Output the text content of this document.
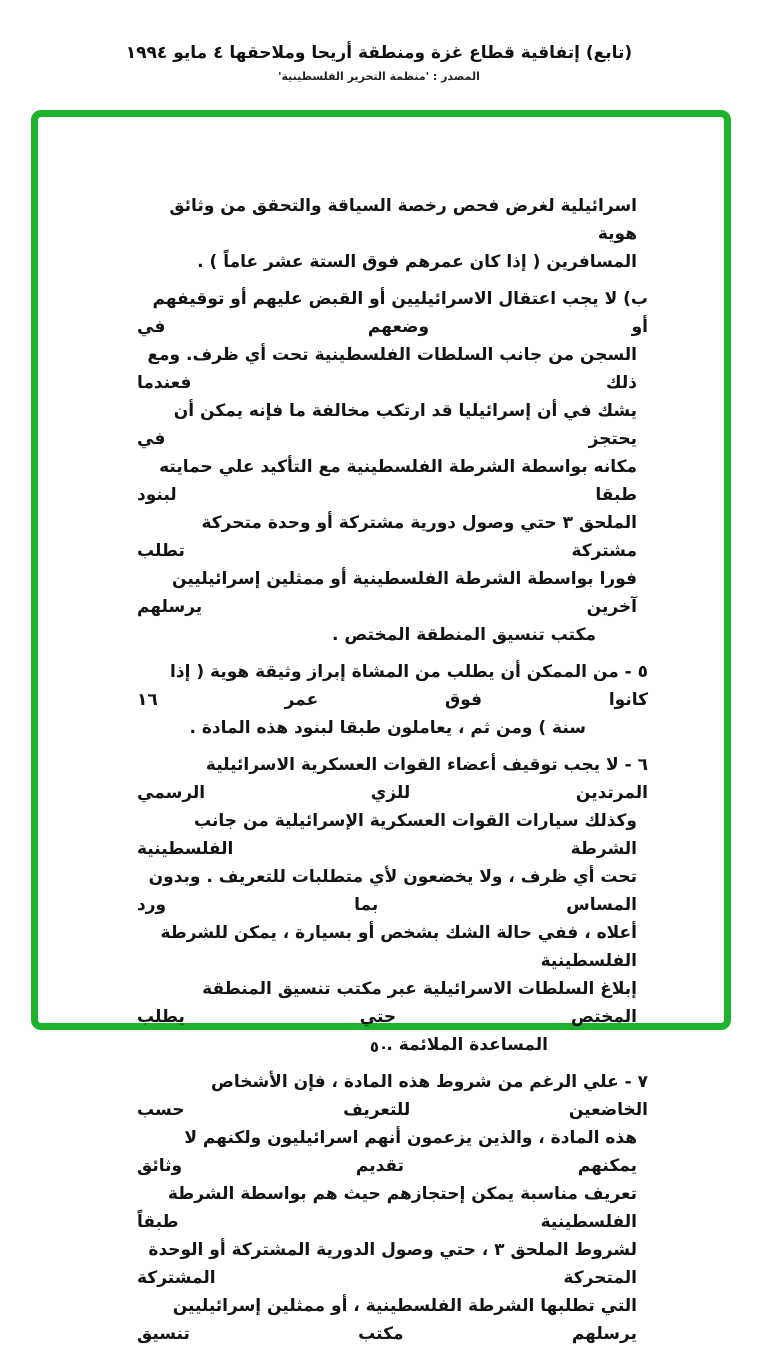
(تابع) إتفاقية قطاع غزة ومنطقة أريحا وملاحقها ٤ مايو ١٩٩٤
المصدر : 'منظمة التحرير الفلسطينية'
اسرائيلية لغرض فحص رخصة السياقة والتحقق من وثائق هوية
المسافرين ( إذا كان عمرهم فوق الستة عشر عاماً ) .
ب) لا يجب اعتقال الاسرائيليين أو القبض عليهم أو توقيفهم أو وضعهم في
السجن من جانب السلطات الفلسطينية تحت أي ظرف. ومع ذلك فعندما
يشك في أن إسرائيليا قد ارتكب مخالفة ما فإنه يمكن أن يحتجز في
مكانه بواسطة الشرطة الفلسطينية مع التأكيد علي حمايته طبقا لبنود
الملحق ٣ حتي وصول دورية مشتركة أو وحدة متحركة مشتركة تطلب
فورا بواسطة الشرطة الفلسطينية أو ممثلين إسرائيليين آخرين يرسلهم
مكتب تنسيق المنطقة المختص .
٥ - من الممكن أن يطلب من المشاة إبراز وثيقة هوية ( إذا كانوا فوق عمر ١٦
سنة ) ومن ثم ، يعاملون طبقا لبنود هذه المادة .
٦ - لا يجب توقيف أعضاء القوات العسكرية الاسرائيلية المرتدين للزي الرسمي
وكذلك سيارات القوات العسكرية الإسرائيلية من جانب الشرطة الفلسطينية
تحت أي ظرف ، ولا يخضعون لأي متطلبات للتعريف . وبدون المساس بما ورد
أعلاه ، ففي حالة الشك بشخص أو بسيارة ، يمكن للشرطة الفلسطينية
إبلاغ السلطات الاسرائيلية عبر مكتب تنسيق المنطقة المختص حتي يطلب
المساعدة الملائمة .
٧ - علي الرغم من شروط هذه المادة ، فإن الأشخاص الخاضعين للتعريف حسب
هذه المادة ، والذين يزعمون أنهم اسرائيليون ولكنهم لا يمكنهم تقديم وثائق
تعريف مناسبة يمكن إحتجازهم حيث هم بواسطة الشرطة الفلسطينية طبقاً
لشروط الملحق ٣ ، حتي وصول الدورية المشتركة أو الوحدة المتحركة المشتركة
التي تطلبها الشرطة الفلسطينية ، أو ممثلين إسرائيليين يرسلهم مكتب تنسيق
٥٠
